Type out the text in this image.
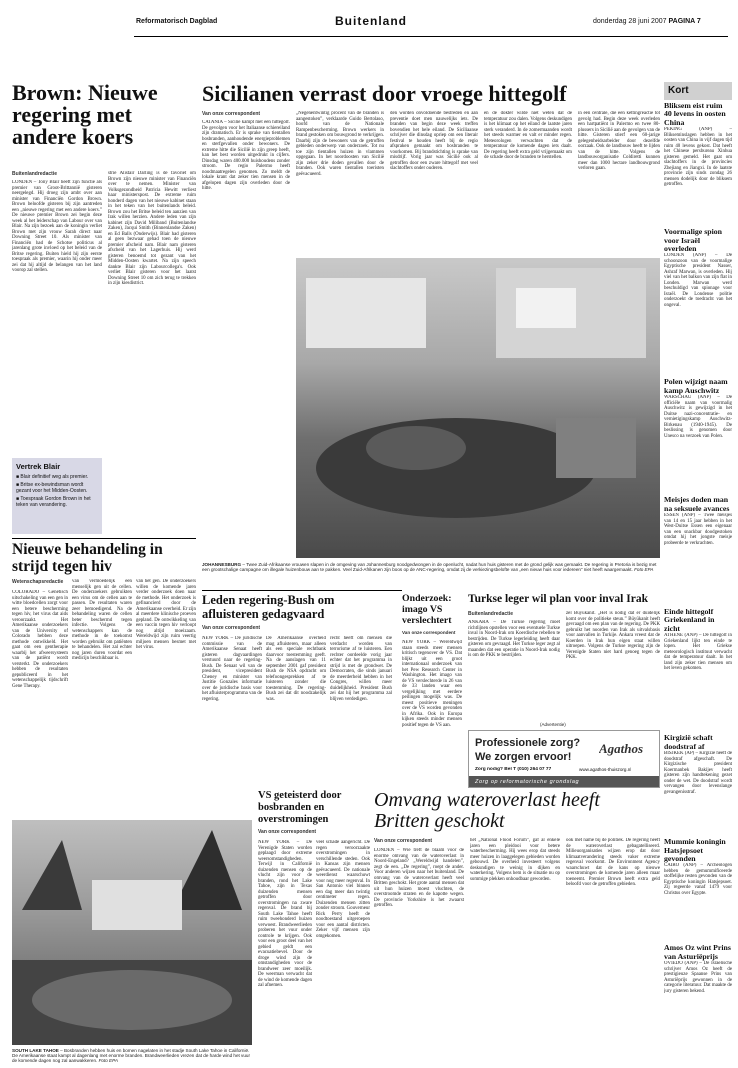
Reformatorisch Dagblad	Buitenland	donderdag 28 juni 2007 PAGINA 7
Brown: Nieuwe regering met andere koers
Buitenlandredactie
LONDEN – Tony Blair heeft zijn functie als premier van Groot-Brittannië gisteren neergelegd. Hij droeg zijn ambt over aan minister van Financiën Gordon Brown. Brown beloofde gisteren bij zijn aantreden een „nieuwe regering met een andere koers.” De nieuwe premier Brown zei begin deze week al het leiderschap van Labour over van Blair. Na zijn bezoek aan de koningin verliet Brown met zijn vrouw Sarah direct naar Downing Street 10. Als minister van Financiën had de Schotse politicus al jarenlang grote invloed op het beleid van de Britse regering. Buiten hield hij zijn eerste toespraak als premier, waarin hij onder meer zei dat hij altijd de belangen van het land voorop zal stellen.
strie Alistair Darling is de favoriet om Brown zijn nieuwe minister van Financiën over te nemen. Minister van Volksgezondheid Patricia Hewitt verliest haar ministerspost. De extreme ruim honderd dagen van het nieuwe kabinet staan in het teken van het buitenlands beleid. Brown zou het Britse beleid ten aanzien van Irak willen herzien. Andere leden van zijn kabinet zijn David Miliband (Buitenlandse Zaken), Jacqui Smith (Binnenlandse Zaken) en Ed Balls (Onderwijs). Blair had gisteren al geen bezwaar gehad toen de nieuwe premier afscheid nam. Blair nam gisteren afscheid van het Lagerhuis. Hij werd gisteren benoemd tot gezant van het Midden-Oosten kwartet. Na zijn speech dankte Blair zijn Labourcollega's. Ook verliet Blair gisteren voor het laatst Downing Street 10 om zich terug te trekken in zijn kiesdistrict.
Vertrek Blair
■ Blair definitief weg als premier.
■ Britse ex-bewindsman wordt gezant voor het Midden-Oosten.
■ Toespraak Gordon Brown in het teken van verandering.
Sicilianen verrast door vroege hittegolf
Van onze correspondent
CATANIA – Sicilië kampt met een hittegolf. De gevolgen voor het Italiaanse schiereiland zijn dramatisch. Er is sprake van tientallen bosbranden, aanhoudende energieproblemen en sterfgevallen onder bewoners. De extreme hitte die Sicilië in zijn greep heeft, kan het best worden uitgedrukt in cijfers. Dinsdag waren 400.000 huishoudens zonder stroom. De regio Palermo heeft noodmaatregelen genomen. Zo meldt de lokale krant dat zeker tien mensen in de afgelopen dagen zijn overleden door de hitte.
„Negenentwintig procent van de branden is aangestoken”, verklaarde Guido Bertolaso, hoofd van de Nationale Rampenbescherming. Brown werkers in brand gestoken om bouwgrond te verkrijgen. Daarbij zijn de bewoners van de getroffen gebieden onderwerp van onderzoek. Tot nu toe zijn tientallen huizen in vlammen opgegaan. In het noordoosten van Sicilië zijn zeker drie doden gevallen door de branden. Ook waren tientallen toeristen geëvacueerd.
den worden onvoldoende bestreden en aan preventie doet men nauwelijks iets. De branden van begin deze week treffen bovendien het hele eiland. De Siciliaanse schrijver die dinsdag opriep om een literair festival te houden heeft bij de regio afspraken gemaakt om bosbranden te voorkomen. Bij brandstichting is sprake van misdrijf. Vorig jaar was Sicilië ook al getroffen door een zware hittegolf met veel slachtoffers onder ouderen.
en de dokter wilde niet weten dat de temperatuur zou dalen. Volgens deskundigen is het klimaat op het eiland de laatste jaren sterk veranderd. In de zomermaanden wordt het steeds warmer en valt er minder regen. Meteorologen verwachten dat de temperatuur de komende dagen iets daalt. De regering heeft extra geld vrijgemaakt om de schade door de branden te herstellen.
in één centrale, die een kettingreactie tot gevolg had. Begin deze week overleden een hartpatiënt in Palermo en twee 80-plussers in Sicilië aan de gevolgen van de hitte. Gisteren stierf een 60-jarige gelegenheidsarbeider door dezelfde oorzaak. Ook de landbouw heeft te lijden van de hitte. Volgens de landbouworganisatie Coldiretti kunnen meer dan 1000 hectare landbouwgrond verloren gaan.
JOHANNESBURG – Twee Zuid-Afrikaanse vrouwen slapen in de omgeving van Johannesburg noodgedwongen in de openlucht, nadat hun huis gisteren met de grond gelijk was gemaakt. De regering in Pretoria is bezig met een grootschalige campagne om illegale huizenbouw aan te pakken. Veel Zuid-Afrikanen zijn boos op de ANC-regering, omdat zij de verkiezingsbelofte van „een nieuw huis voor iedereen” niet heeft waargemaakt. Foto EPA
Kort
Bliksem eist ruim 40 levens in oosten China
PEKING (ANP) – Blikseminslagen hebben in het oosten van China in vijf dagen tijd ruim 40 levens gekost. Dat heeft het Chinese persbureau Xinhua gisteren gemeld. Het gaat om slachtoffers in de provincies Zhejiang en Jiangxi. In de laatste provincie zijn sinds zondag 26 mensen dodelijk door de bliksem getroffen.
Voormalige spion voor Israël overleden
LONDEN (ANP) – De schoonzoon van de voormalige Egyptische president Nasser, Ashraf Marwan, is overleden. Hij viel van het balkon van zijn flat in Londen. Marwan werd beschuldigd van spionage voor Israël. De Londense politie onderzoekt de toedracht van het ongeval.
Polen wijzigt naam kamp Auschwitz
WARSCHAU (ANP) – De officiële naam van voormalig Auschwitz is gewijzigd in het Duitse nazi-concentratie- en vernietigingskamp Auschwitz-Birkenau (1940-1945). De beslissing is genomen door Unesco na verzoek van Polen.
Meisjes doden man na seksuele avances
ESSEN (ANP) – Twee meisjes van 14 en 15 jaar hebben in het West-Duitse Essen een eigenaar van een snackbar doodgestoken omdat hij het jongste meisje probeerde te verkrachten.
Einde hittegolf Griekenland in zicht
ATHENE (ANP) – De hittegolf in Griekenland lijkt ten einde te lopen. Het Griekse meteorologisch instituut verwacht dat de temperatuur daalt. In het land zijn zeker tien mensen om het leven gekomen.
Kirgizië schaft doodstraf af
BISJKEK (AP) – Kirgizië heeft de doodstraf afgeschaft. De Kirgizische president Koermanbek Bakijev heeft gisteren zijn handtekening gezet onder de wet. De doodstraf wordt vervangen door levenslange gevangenisstraf.
Mummie koningin Hatsjepsoet gevonden
CAIRO (ANP) – Archeologen hebben de gemummificeerde stoffelijke resten gevonden van de Egyptische koningin Hatsjepsoet. Zij regeerde vanaf 1479 voor Christus over Egypte.
Amos Oz wint Prins van Asturiëprijs
OVIEDO (ANP) – De Israëlische schrijver Amos Oz heeft de prestigieuze Spaanse Prins van Asturiëprijs gewonnen in de categorie literatuur. Dat maakte de jury gisteren bekend.
Nieuwe behandeling in strijd tegen hiv
Wetenschapsredactie
COLORADO – Genetisch uitschakeling van een gen in witte bloedcellen zorgt voor een betere bescherming tegen hiv, het virus dat aids veroorzaakt. Het Amerikaanse onderzoekers van de University of Colorado hebben deze methode ontwikkeld. Het gaat om een gentherapie waarbij het afweersysteem van de patiënt wordt versterkt. De onderzoekers hebben de resultaten gepubliceerd in het wetenschappelijk tijdschrift Gene Therapy.
van vermoedelijk een menselijk gen uit de cellen. De onderzoekers gebruikten een virus om de cellen aan te passen. De resultaten waren zeer bemoedigend. Na de behandeling waren de cellen beter beschermd tegen infectie. Volgens de wetenschappers kan de methode in de toekomst worden gebruikt om patiënten te behandelen. Het zal echter nog jaren duren voordat een medicijn beschikbaar is.
van het gen. De onderzoekers willen de komende jaren verder onderzoek doen naar de methode. Het onderzoek is gefinancierd door de Amerikaanse overheid. Er zijn al meerdere klinische proeven gepland. De ontwikkeling van een vaccin tegen hiv verloopt nog altijd moeizaam. Wereldwijd zijn ruim veertig miljoen mensen besmet met het virus.
Leden regering-Bush om afluisteren gedagvaard
Van onze correspondent
NEW YORK – De juridische commissie van de Amerikaanse Senaat heeft gisteren dagvaardingen verstuurd naar de regering-Bush. De Senaat wil van de president, vicepresident Cheney en minister van Justitie Gonzales informatie over de juridische basis voor het afluisterprogramma van de regering.
De Amerikaanse overheid mag afluisteren, maar alleen als een speciale rechtbank daarvoor toestemming geeft. Na de aanslagen van 11 september 2001 gaf president Bush de NSA opdracht om telefoongesprekken af te luisteren zonder die toestemming. De regering-Bush zei dat dit noodzakelijk was.
recht heeft om mensen die verdacht worden van terrorisme af te luisteren. Een rechter oordeelde vorig jaar echter dat het programma in strijd is met de grondwet. De Democraten, die sinds januari de meerderheid hebben in het Congres, willen meer duidelijkheid. President Bush zei dat hij het programma zal blijven verdedigen.
Onderzoek: imago VS verslechtert
Van onze correspondent
NEW YORK – Wereldwijd staan steeds meer mensen kritisch tegenover de VS. Dat blijkt uit een groot internationaal onderzoek van het Pew Research Center in Washington. Het imago van de VS verslechterde in 26 van de 33 landen waar een vergelijking met eerdere peilingen mogelijk was. De meest positieve meningen over de VS worden gevonden in Afrika. Ook in Europa kijken steeds minder mensen positief tegen de VS aan.
Turkse leger wil plan voor inval Irak
Buitenlandredactie
ANKARA – De Turkse regering moet richtlijnen opstellen voor een eventuele Turkse inval in Noord-Irak om Koerdische rebellen te bestrijden. De Turkse legerleiding heeft daar gisteren om gevraagd. Het Turkse leger zegt al maanden dat een operatie in Noord-Irak nodig is om de PKK te bestrijden.
zel Büyükanit. „Het is nodig dat er duidelijk komt over de politieke steun.” Büyükanit heeft gevraagd om een plan van de regering. De PKK gebruikt het noorden van Irak als uitvalsbasis voor aanvallen in Turkije. Ankara vreest dat de Koerden in Irak hun eigen staat willen uitroepen. Volgens de Turkse regering zijn de Verenigde Staten niet hard genoeg tegen de PKK.
(Advertentie)
Professionele zorg?
We zorgen ervoor!
Agathos
Zorg nodig? Bel T (010) 264 07 77	www.agathos-thuiszorg.nl
Zorg op reformatorische grondslag
SOUTH LAKE TAHOE – Bosbranden hebben huis en bomen nagelaten in het stadje South Lake Tahoe in Californië. De Amerikaanse staat kampt al dagenlang met enorme branden. Brandweerlieden vrezen dat de harde wind het vuur de komende dagen nog zal aanwakkeren. Foto EPA
VS geteisterd door bosbranden en overstromingen
Van onze correspondent
NEW YORK – De Verenigde Staten worden geplaagd door extreme weersomstandigheden. Terwijl in Californië duizenden mensen op de vlucht zijn voor de branden, rond het Lake Tahoe, zijn in Texas duizenden mensen getroffen door overstromingen na zware regenval. De brand bij South Lake Tahoe heeft ruim tweehonderd huizen verwoest. Brandweerlieden proberen het vuur onder controle te krijgen. Ook voor een groot deel van het gebied geldt een evacuatiebevel. Door de droge wind zijn de omstandigheden voor de brandweer zeer moeilijk. De weerman verwacht dat de wind de komende dagen zal afnemen.
veel schade aangericht. De regen veroorzaakte overstromingen in verschillende steden. Ook in Kansas zijn mensen geëvacueerd. De nationale weerdienst waarschuwt voor nog meer regenval. In San Antonio viel binnen een dag meer dan twintig centimeter regen. Duizenden mensen zitten zonder stroom. Gouverneur Rick Perry heeft de noodtoestand uitgeroepen voor een aantal districten. Zeker vijf mensen zijn omgekomen.
Omvang wateroverlast heeft Britten geschokt
Van onze correspondent
LONDEN – Wie treft de blaam voor de enorme omvang van de wateroverlast in Noord-Engeland? „Wereldwijd handelen”, zegt de een. „De regering”, roept de ander. Voor anderen wijzen naar het buitenland. De omvang van de wateroverlast heeft veel Britten geschokt. Het grote aantal mensen dat uit hun huizen moest vluchten, de overstroomde straten en de kapotte wegen. De provincie Yorkshire is het zwaarst getroffen.
het „National Flood Forum”, gaf al enkele jaren een pleidooi voor betere waterbescherming. Hij wees erop dat steeds meer huizen in laaggelegen gebieden worden gebouwd. De overheid investeert volgens deskundigen te weinig in dijken en waterkering. Volgens hem is de situatie nu op sommige plekken onhoudbaar geworden.
ook met name bij de politiek. De regering heeft de wateroverlast gebagatelliseerd. Milieuorganisaties wijzen erop dat door klimaatverandering steeds vaker extreme regenval voorkomt. De Environment Agency waarschuwt dat de kans op nieuwe overstromingen de komende jaren alleen maar toeneemt. Premier Brown heeft extra geld beloofd voor de getroffen gebieden.
